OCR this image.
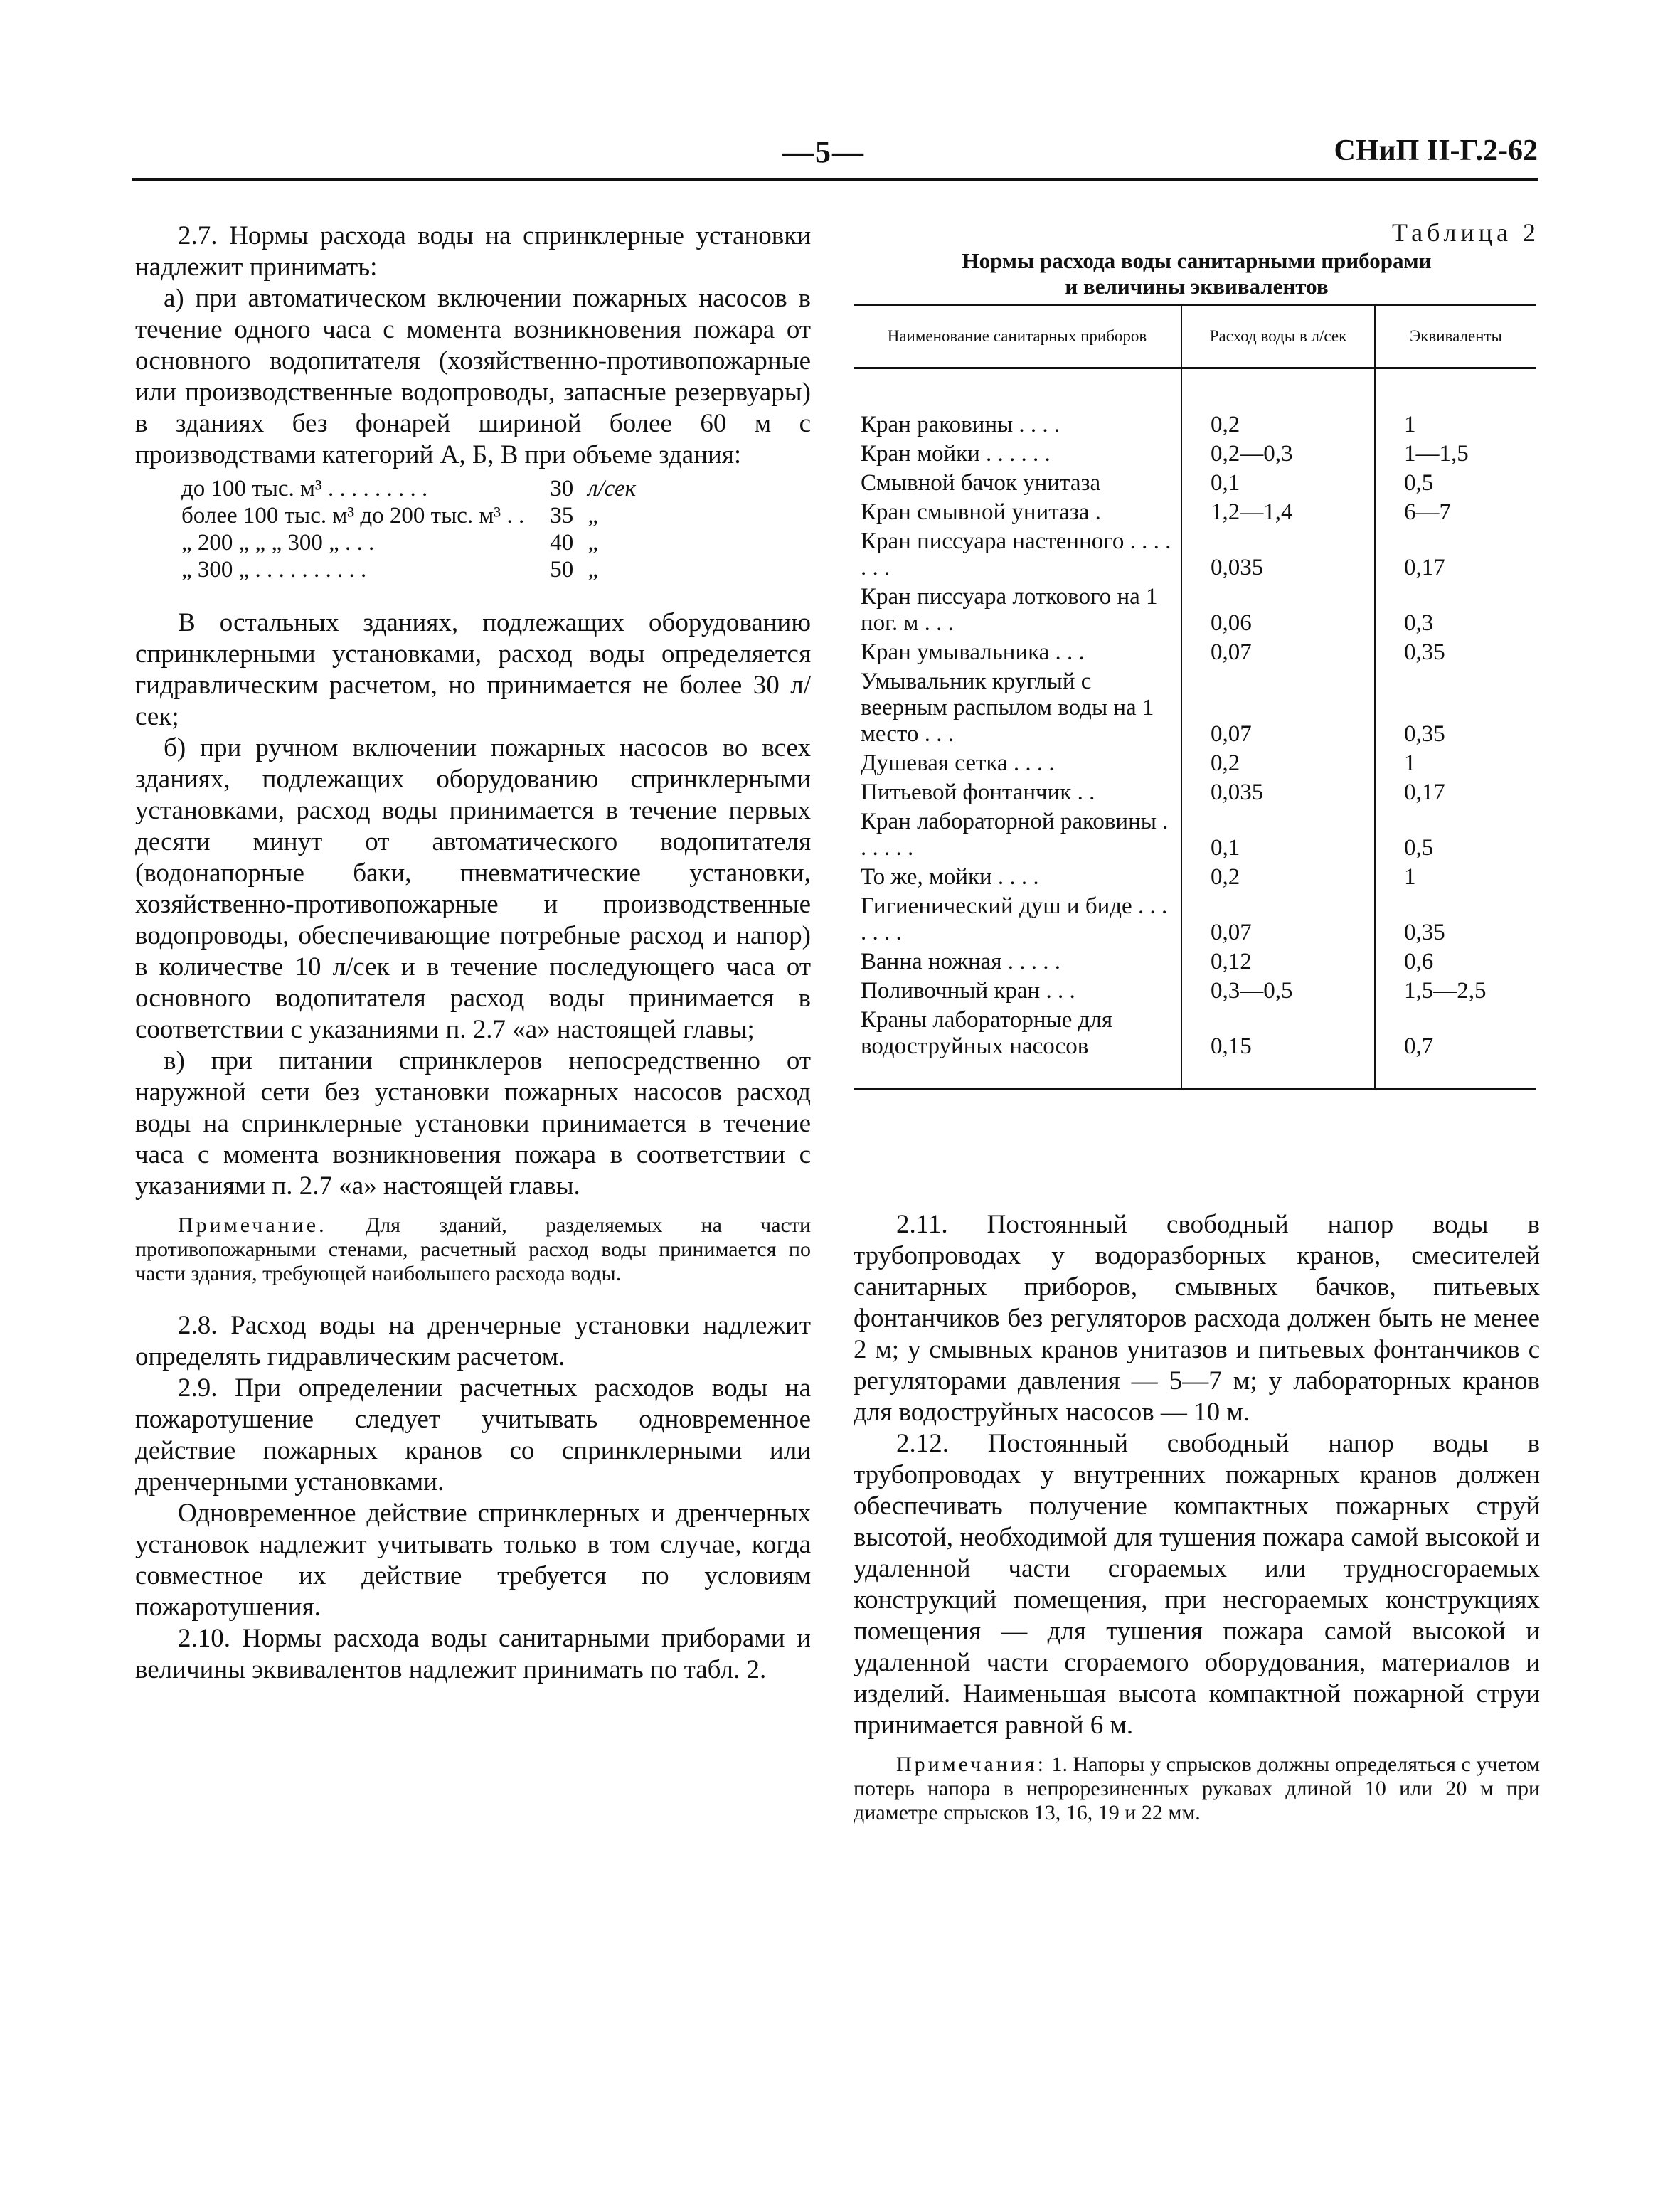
—5—	СНиП II-Г.2-62

2.7. Нормы расхода воды на спринклерные установки надлежит принимать:

а) при автоматическом включении пожарных насосов в течение одного часа с момента возникновения пожара от основного водопитателя (хозяйственно-противопожарные или производственные водопроводы, запасные резервуары) в зданиях без фонарей шириной более 60 м с производствами категорий А, Б, В при объеме здания:

до 100 тыс. м³ . . . . . . . . .	30	л/сек
более 100 тыс. м³ до 200 тыс. м³ . .	35	„
„ 200 „ „ „ 300 „ . . .	40	„
„ 300 „ . . . . . . . . . .	50	„

В остальных зданиях, подлежащих оборудованию спринклерными установками, расход воды определяется гидравлическим расчетом, но принимается не более 30 л/сек;

б) при ручном включении пожарных насосов во всех зданиях, подлежащих оборудованию спринклерными установками, расход воды принимается в течение первых десяти минут от автоматического водопитателя (водонапорные баки, пневматические установки, хозяйственно-противопожарные и производственные водопроводы, обеспечивающие потребные расход и напор) в количестве 10 л/сек и в течение последующего часа от основного водопитателя расход воды принимается в соответствии с указаниями п. 2.7 «а» настоящей главы;

в) при питании спринклеров непосредственно от наружной сети без установки пожарных насосов расход воды на спринклерные установки принимается в течение часа с момента возникновения пожара в соответствии с указаниями п. 2.7 «а» настоящей главы.

Примечание. Для зданий, разделяемых на части противопожарными стенами, расчетный расход воды принимается по части здания, требующей наибольшего расхода воды.

2.8. Расход воды на дренчерные установки надлежит определять гидравлическим расчетом.

2.9. При определении расчетных расходов воды на пожаротушение следует учитывать одновременное действие пожарных кранов со спринклерными или дренчерными установками.

Одновременное действие спринклерных и дренчерных установок надлежит учитывать только в том случае, когда совместное их действие требуется по условиям пожаротушения.

2.10. Нормы расхода воды санитарными приборами и величины эквивалентов надлежит принимать по табл. 2.

Таблица 2
Нормы расхода воды санитарными приборами
и величины эквивалентов
Наименование санитарных приборов	Расход воды в л/сек	Эквиваленты
Кран раковины . . . .	0,2	1
Кран мойки . . . . . .	0,2—0,3	1—1,5
Смывной бачок унитаза	0,1	0,5
Кран смывной унитаза .	1,2—1,4	6—7
Кран писсуара настенного . . . . . . .	0,035	0,17
Кран писсуара лоткового на 1 пог. м . . .	0,06	0,3
Кран умывальника . . .	0,07	0,35
Умывальник круглый с веерным распылом воды на 1 место . . .	0,07	0,35
Душевая сетка . . . .	0,2	1
Питьевой фонтанчик . .	0,035	0,17
Кран лабораторной раковины . . . . . .	0,1	0,5
То же, мойки . . . .	0,2	1
Гигиенический душ и биде . . . . . . .	0,07	0,35
Ванна ножная . . . . .	0,12	0,6
Поливочный кран . . .	0,3—0,5	1,5—2,5
Краны лабораторные для водоструйных насосов	0,15	0,7

2.11. Постоянный свободный напор воды в трубопроводах у водоразборных кранов, смесителей санитарных приборов, смывных бачков, питьевых фонтанчиков без регуляторов расхода должен быть не менее 2 м; у смывных кранов унитазов и питьевых фонтанчиков с регуляторами давления — 5—7 м; у лабораторных кранов для водоструйных насосов — 10 м.

2.12. Постоянный свободный напор воды в трубопроводах у внутренних пожарных кранов должен обеспечивать получение компактных пожарных струй высотой, необходимой для тушения пожара самой высокой и удаленной части сгораемых или трудносгораемых конструкций помещения, при несгораемых конструкциях помещения — для тушения пожара самой высокой и удаленной части сгораемого оборудования, материалов и изделий. Наименьшая высота компактной пожарной струи принимается равной 6 м.

Примечания: 1. Напоры у спрысков должны определяться с учетом потерь напора в непрорезиненных рукавах длиной 10 или 20 м при диаметре спрысков 13, 16, 19 и 22 мм.
